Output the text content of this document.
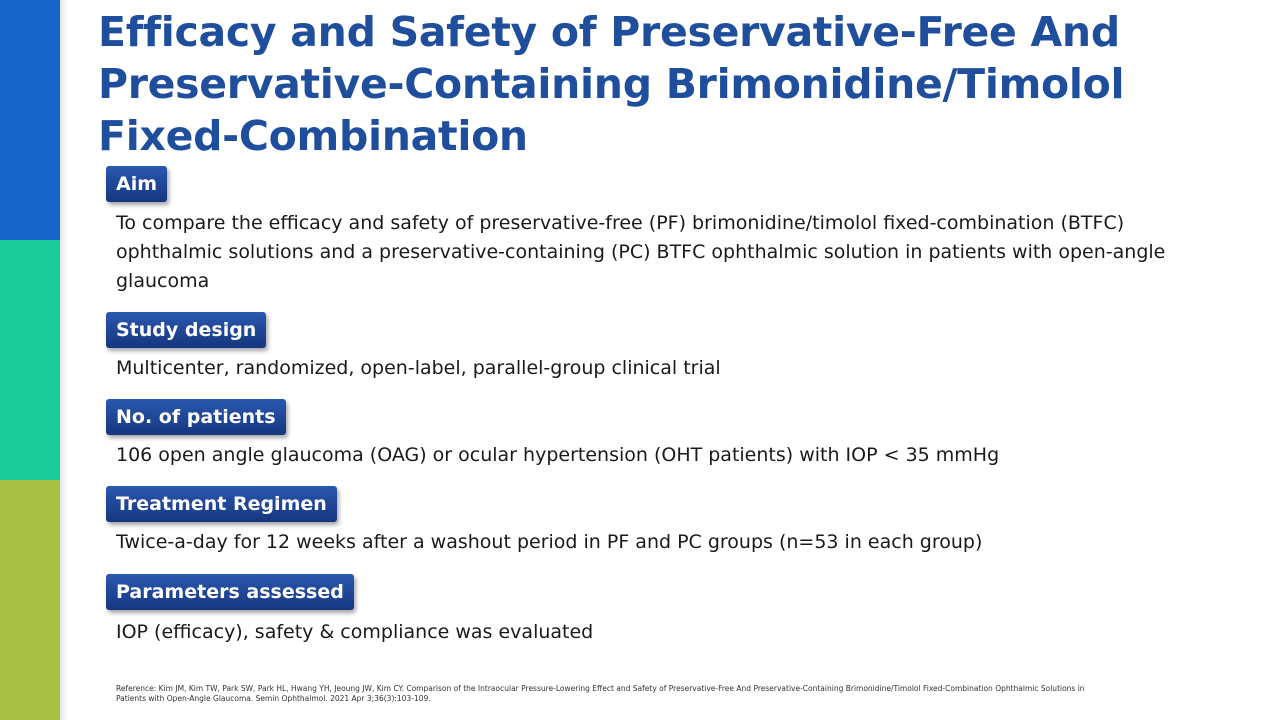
Efficacy and Safety of Preservative-Free And Preservative-Containing Brimonidine/Timolol Fixed-Combination
Aim
To compare the efficacy and safety of preservative-free (PF) brimonidine/timolol fixed-combination (BTFC) ophthalmic solutions and a preservative-containing (PC) BTFC ophthalmic solution in patients with open-angle glaucoma
Study design
Multicenter, randomized, open-label, parallel-group clinical trial
No. of patients
106 open angle glaucoma (OAG) or ocular hypertension (OHT patients) with IOP < 35 mmHg
Treatment Regimen
Twice-a-day for 12 weeks after a washout period in PF and PC groups (n=53 in each group)
Parameters assessed
IOP (efficacy), safety & compliance was evaluated
Reference: Kim JM, Kim TW, Park SW, Park HL, Hwang YH, Jeoung JW, Kim CY. Comparison of the Intraocular Pressure-Lowering Effect and Safety of Preservative-Free And Preservative-Containing Brimonidine/Timolol Fixed-Combination Ophthalmic Solutions in Patients with Open-Angle Glaucoma. Semin Ophthalmol. 2021 Apr 3;36(3):103-109.
